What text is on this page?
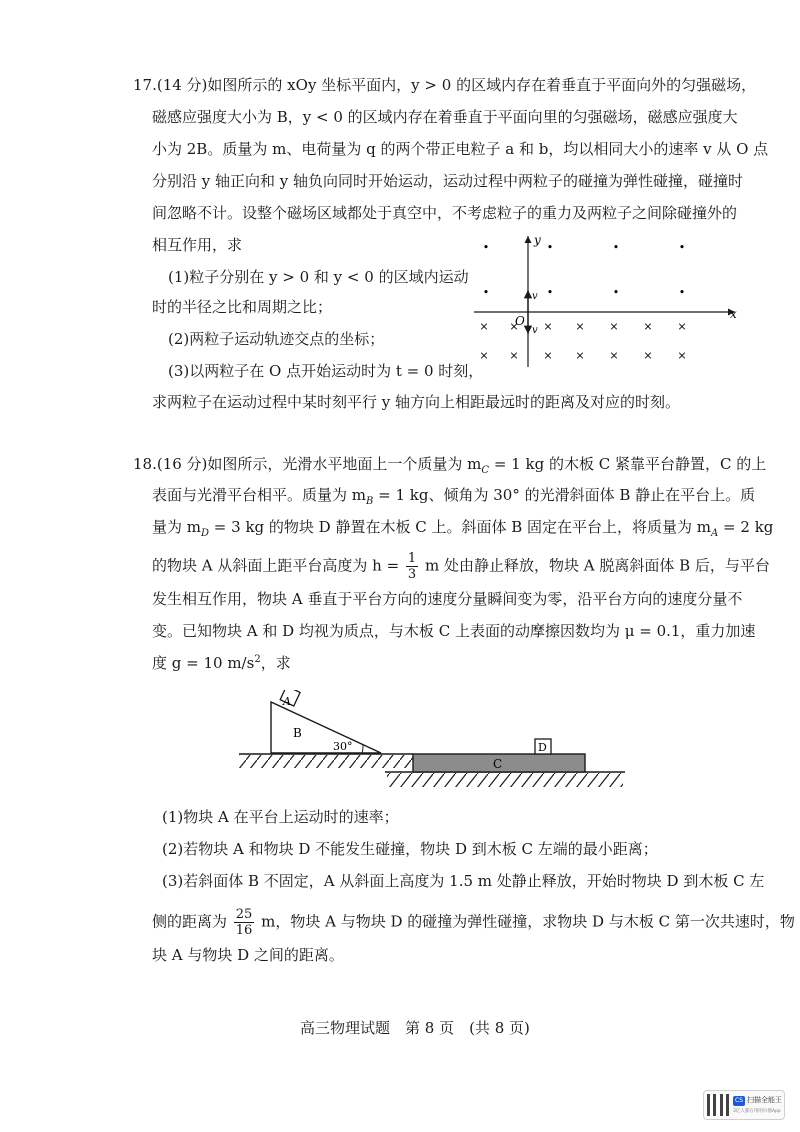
17.(14 分)如图所示的 xOy 坐标平面内，y > 0 的区域内存在着垂直于平面向外的匀强磁场，
磁感应强度大小为 B，y < 0 的区域内存在着垂直于平面向里的匀强磁场，磁感应强度大
小为 2B。质量为 m、电荷量为 q 的两个带正电粒子 a 和 b，均以相同大小的速率 v 从 O 点
分别沿 y 轴正向和 y 轴负向同时开始运动，运动过程中两粒子的碰撞为弹性碰撞，碰撞时
间忽略不计。设整个磁场区域都处于真空中，不考虑粒子的重力及两粒子之间除碰撞外的
相互作用，求
(1)粒子分别在 y > 0 和 y < 0 的区域内运动
时的半径之比和周期之比；
(2)两粒子运动轨迹交点的坐标；
(3)以两粒子在 O 点开始运动时为 t = 0 时刻，
求两粒子在运动过程中某时刻平行 y 轴方向上相距最远时的距离及对应的时刻。
y
x
O
v
v
•	•	•	•
•	•	•	•
× × × × × × ×
× × × × × × ×
18.(16 分)如图所示，光滑水平地面上一个质量为 $m_C = 1$ kg 的木板 C 紧靠平台静置，C 的上
表面与光滑平台相平。质量为 $m_B = 1$ kg、倾角为 30° 的光滑斜面体 B 静止在平台上。质
量为 $m_D = 3$ kg 的物块 D 静置在木板 C 上。斜面体 B 固定在平台上，将质量为 $m_A = 2$ kg
的物块 A 从斜面上距平台高度为 $h = \frac{1}{3}$ m 处由静止释放，物块 A 脱离斜面体 B 后，与平台
发生相互作用，物块 A 垂直于平台方向的速度分量瞬间变为零，沿平台方向的速度分量不
变。已知物块 A 和 D 均视为质点，与木板 C 上表面的动摩擦因数均为 μ = 0.1，重力加速
度 g = 10 $m/s^2$，求
B
30°
A
C
D
(1)物块 A 在平台上运动时的速率；
(2)若物块 A 和物块 D 不能发生碰撞，物块 D 到木板 C 左端的最小距离；
(3)若斜面体 B 不固定，A 从斜面上高度为 1.5 m 处静止释放，开始时物块 D 到木板 C 左
侧的距离为 $\frac{25}{16}$ m，物块 A 与物块 D 的碰撞为弹性碰撞，求物块 D 与木板 C 第一次共速时，物
块 A 与物块 D 之间的距离。
高三物理试题　第 8 页　(共 8 页)
CS 扫描全能王
3亿人都在用的扫描App
